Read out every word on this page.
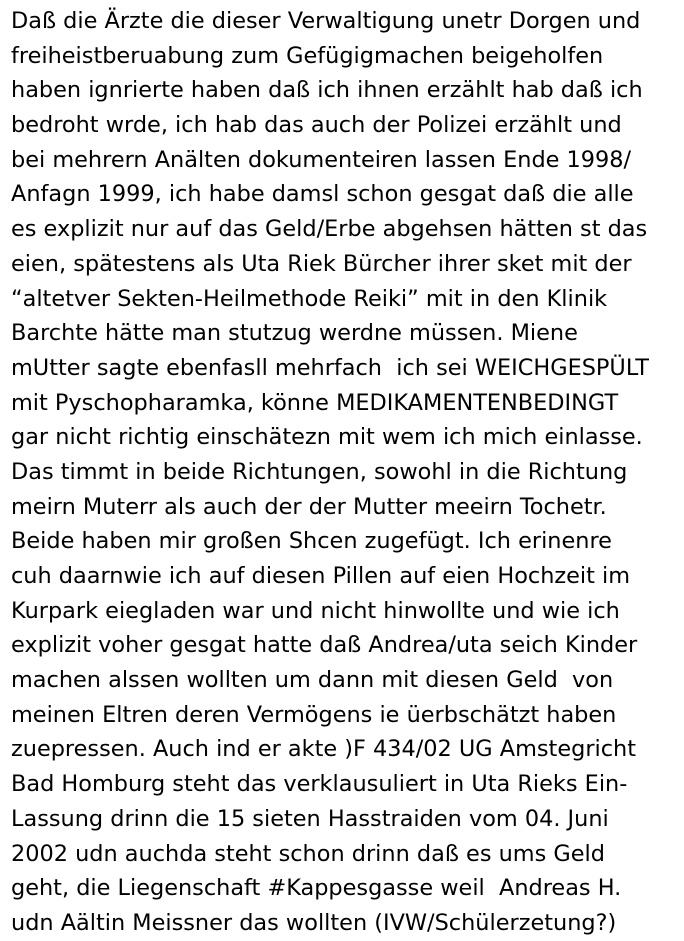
Daß die Ärzte die dieser Verwaltigung unetr Dorgen und
freiheistberuabung zum Gefügigmachen beigeholfen
haben ignrierte haben daß ich ihnen erzählt hab daß ich
bedroht wrde, ich hab das auch der Polizei erzählt und
bei mehrern Anälten dokumenteiren lassen Ende 1998/
Anfagn 1999, ich habe damsl schon gesgat daß die alle
es explizit nur auf das Geld/Erbe abgehsen hätten st das
eien, spätestens als Uta Riek Bürcher ihrer sket mit der
“altetver Sekten-Heilmethode Reiki” mit in den Klinik
Barchte hätte man stutzug werdne müssen. Miene
mUtter sagte ebenfasll mehrfach  ich sei WEICHGESPÜLT
mit Pyschopharamka, könne MEDIKAMENTENBEDINGT
gar nicht richtig einschätezn mit wem ich mich einlasse.
Das timmt in beide Richtungen, sowohl in die Richtung
meirn Muterr als auch der der Mutter meeirn Tochetr.
Beide haben mir großen Shcen zugefügt. Ich erinenre
cuh daarnwie ich auf diesen Pillen auf eien Hochzeit im
Kurpark eiegladen war und nicht hinwollte und wie ich
explizit voher gesgat hatte daß Andrea/uta seich Kinder
machen alssen wollten um dann mit diesen Geld  von
meinen Eltren deren Vermögens ie üerbschätzt haben
zuepressen. Auch ind er akte )F 434/02 UG Amstegricht
Bad Homburg steht das verklausuliert in Uta Rieks Ein-
Lassung drinn die 15 sieten Hasstraiden vom 04. Juni
2002 udn auchda steht schon drinn daß es ums Geld
geht, die Liegenschaft #Kappesgasse weil  Andreas H.
udn Aältin Meissner das wollten (IVW/Schülerzetung?)
